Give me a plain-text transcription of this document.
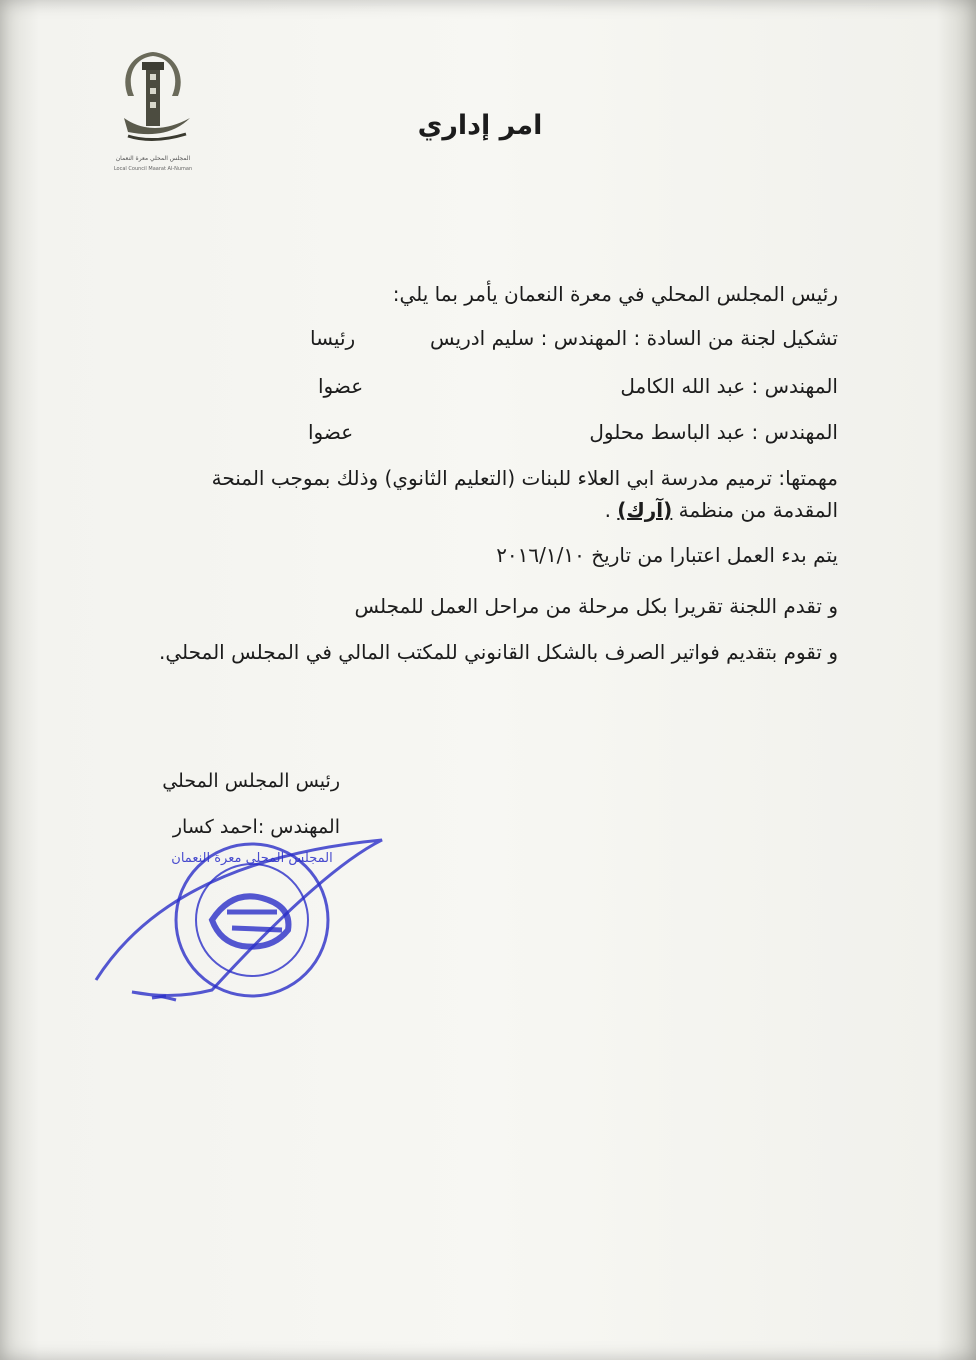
المجلس المحلي معرة النعمان
Local Council Maarat Al-Numan
امر إداري
رئيس المجلس المحلي في معرة النعمان يأمر بما يلي:
تشكيل لجنة من السادة : المهندس : سليم ادريس
رئيسا
المهندس : عبد الله الكامل
عضوا
المهندس : عبد الباسط محلول
عضوا
مهمتها: ترميم مدرسة ابي العلاء للبنات (التعليم الثانوي) وذلك بموجب المنحة
المقدمة من منظمة (آرك) .
يتم بدء العمل اعتبارا من تاريخ ٢٠١٦/١/١٠
و تقدم اللجنة تقريرا بكل مرحلة من مراحل العمل للمجلس
و تقوم بتقديم فواتير الصرف بالشكل القانوني للمكتب المالي في المجلس المحلي.
رئيس المجلس المحلي
المهندس :احمد كسار
المجلس المحلي معرة النعمان
